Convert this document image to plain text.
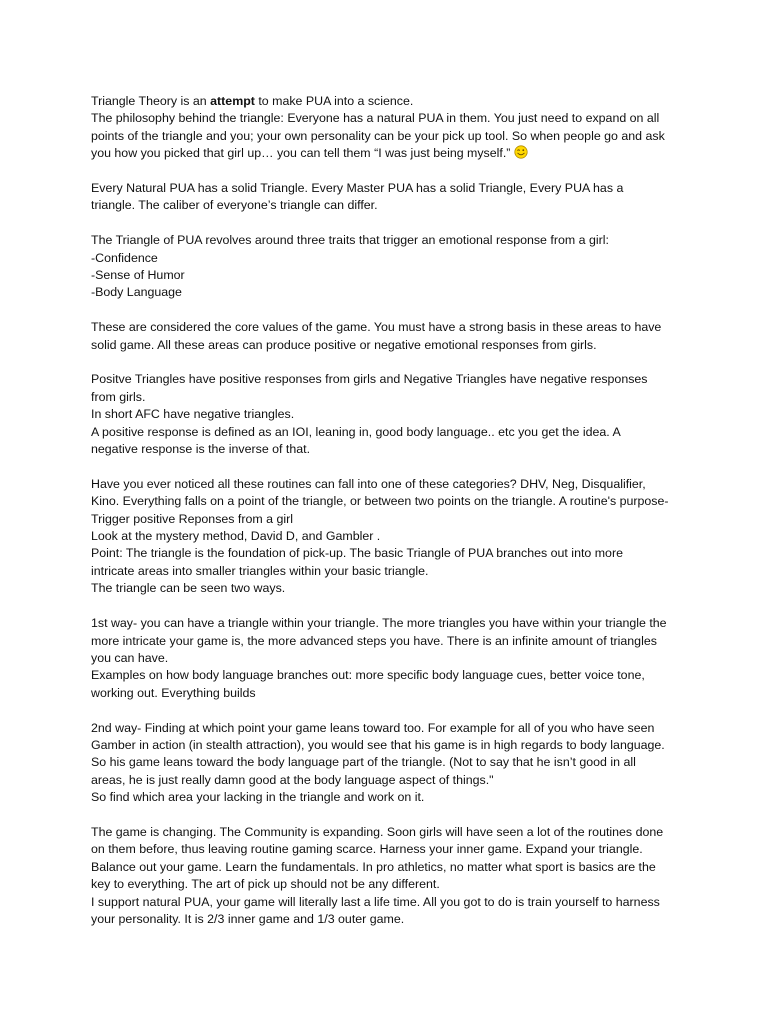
Triangle Theory is an attempt to make PUA into a science.
The philosophy behind the triangle: Everyone has a natural PUA in them. You just need to expand on all
points of the triangle and you; your own personality can be your pick up tool. So when people go and ask
you how you picked that girl up… you can tell them “I was just being myself.”
Every Natural PUA has a solid Triangle. Every Master PUA has a solid Triangle, Every PUA has a
triangle. The caliber of everyone’s triangle can differ.
The Triangle of PUA revolves around three traits that trigger an emotional response from a girl:
-Confidence
-Sense of Humor
-Body Language
These are considered the core values of the game. You must have a strong basis in these areas to have
solid game. All these areas can produce positive or negative emotional responses from girls.
Positve Triangles have positive responses from girls and Negative Triangles have negative responses
from girls.
In short AFC have negative triangles.
A positive response is defined as an IOI, leaning in, good body language.. etc you get the idea. A
negative response is the inverse of that.
Have you ever noticed all these routines can fall into one of these categories? DHV, Neg, Disqualifier,
Kino. Everything falls on a point of the triangle, or between two points on the triangle. A routine's purpose-
Trigger positive Reponses from a girl
Look at the mystery method, David D, and Gambler .
Point: The triangle is the foundation of pick-up. The basic Triangle of PUA branches out into more
intricate areas into smaller triangles within your basic triangle.
The triangle can be seen two ways.
1st way- you can have a triangle within your triangle. The more triangles you have within your triangle the
more intricate your game is, the more advanced steps you have. There is an infinite amount of triangles
you can have.
Examples on how body language branches out: more specific body language cues, better voice tone,
working out. Everything builds
2nd way- Finding at which point your game leans toward too. For example for all of you who have seen
Gamber in action (in stealth attraction), you would see that his game is in high regards to body language.
So his game leans toward the body language part of the triangle. (Not to say that he isn’t good in all
areas, he is just really damn good at the body language aspect of things."
So find which area your lacking in the triangle and work on it.
The game is changing. The Community is expanding. Soon girls will have seen a lot of the routines done
on them before, thus leaving routine gaming scarce. Harness your inner game. Expand your triangle.
Balance out your game. Learn the fundamentals. In pro athletics, no matter what sport is basics are the
key to everything. The art of pick up should not be any different.
I support natural PUA, your game will literally last a life time. All you got to do is train yourself to harness
your personality. It is 2/3 inner game and 1/3 outer game.
